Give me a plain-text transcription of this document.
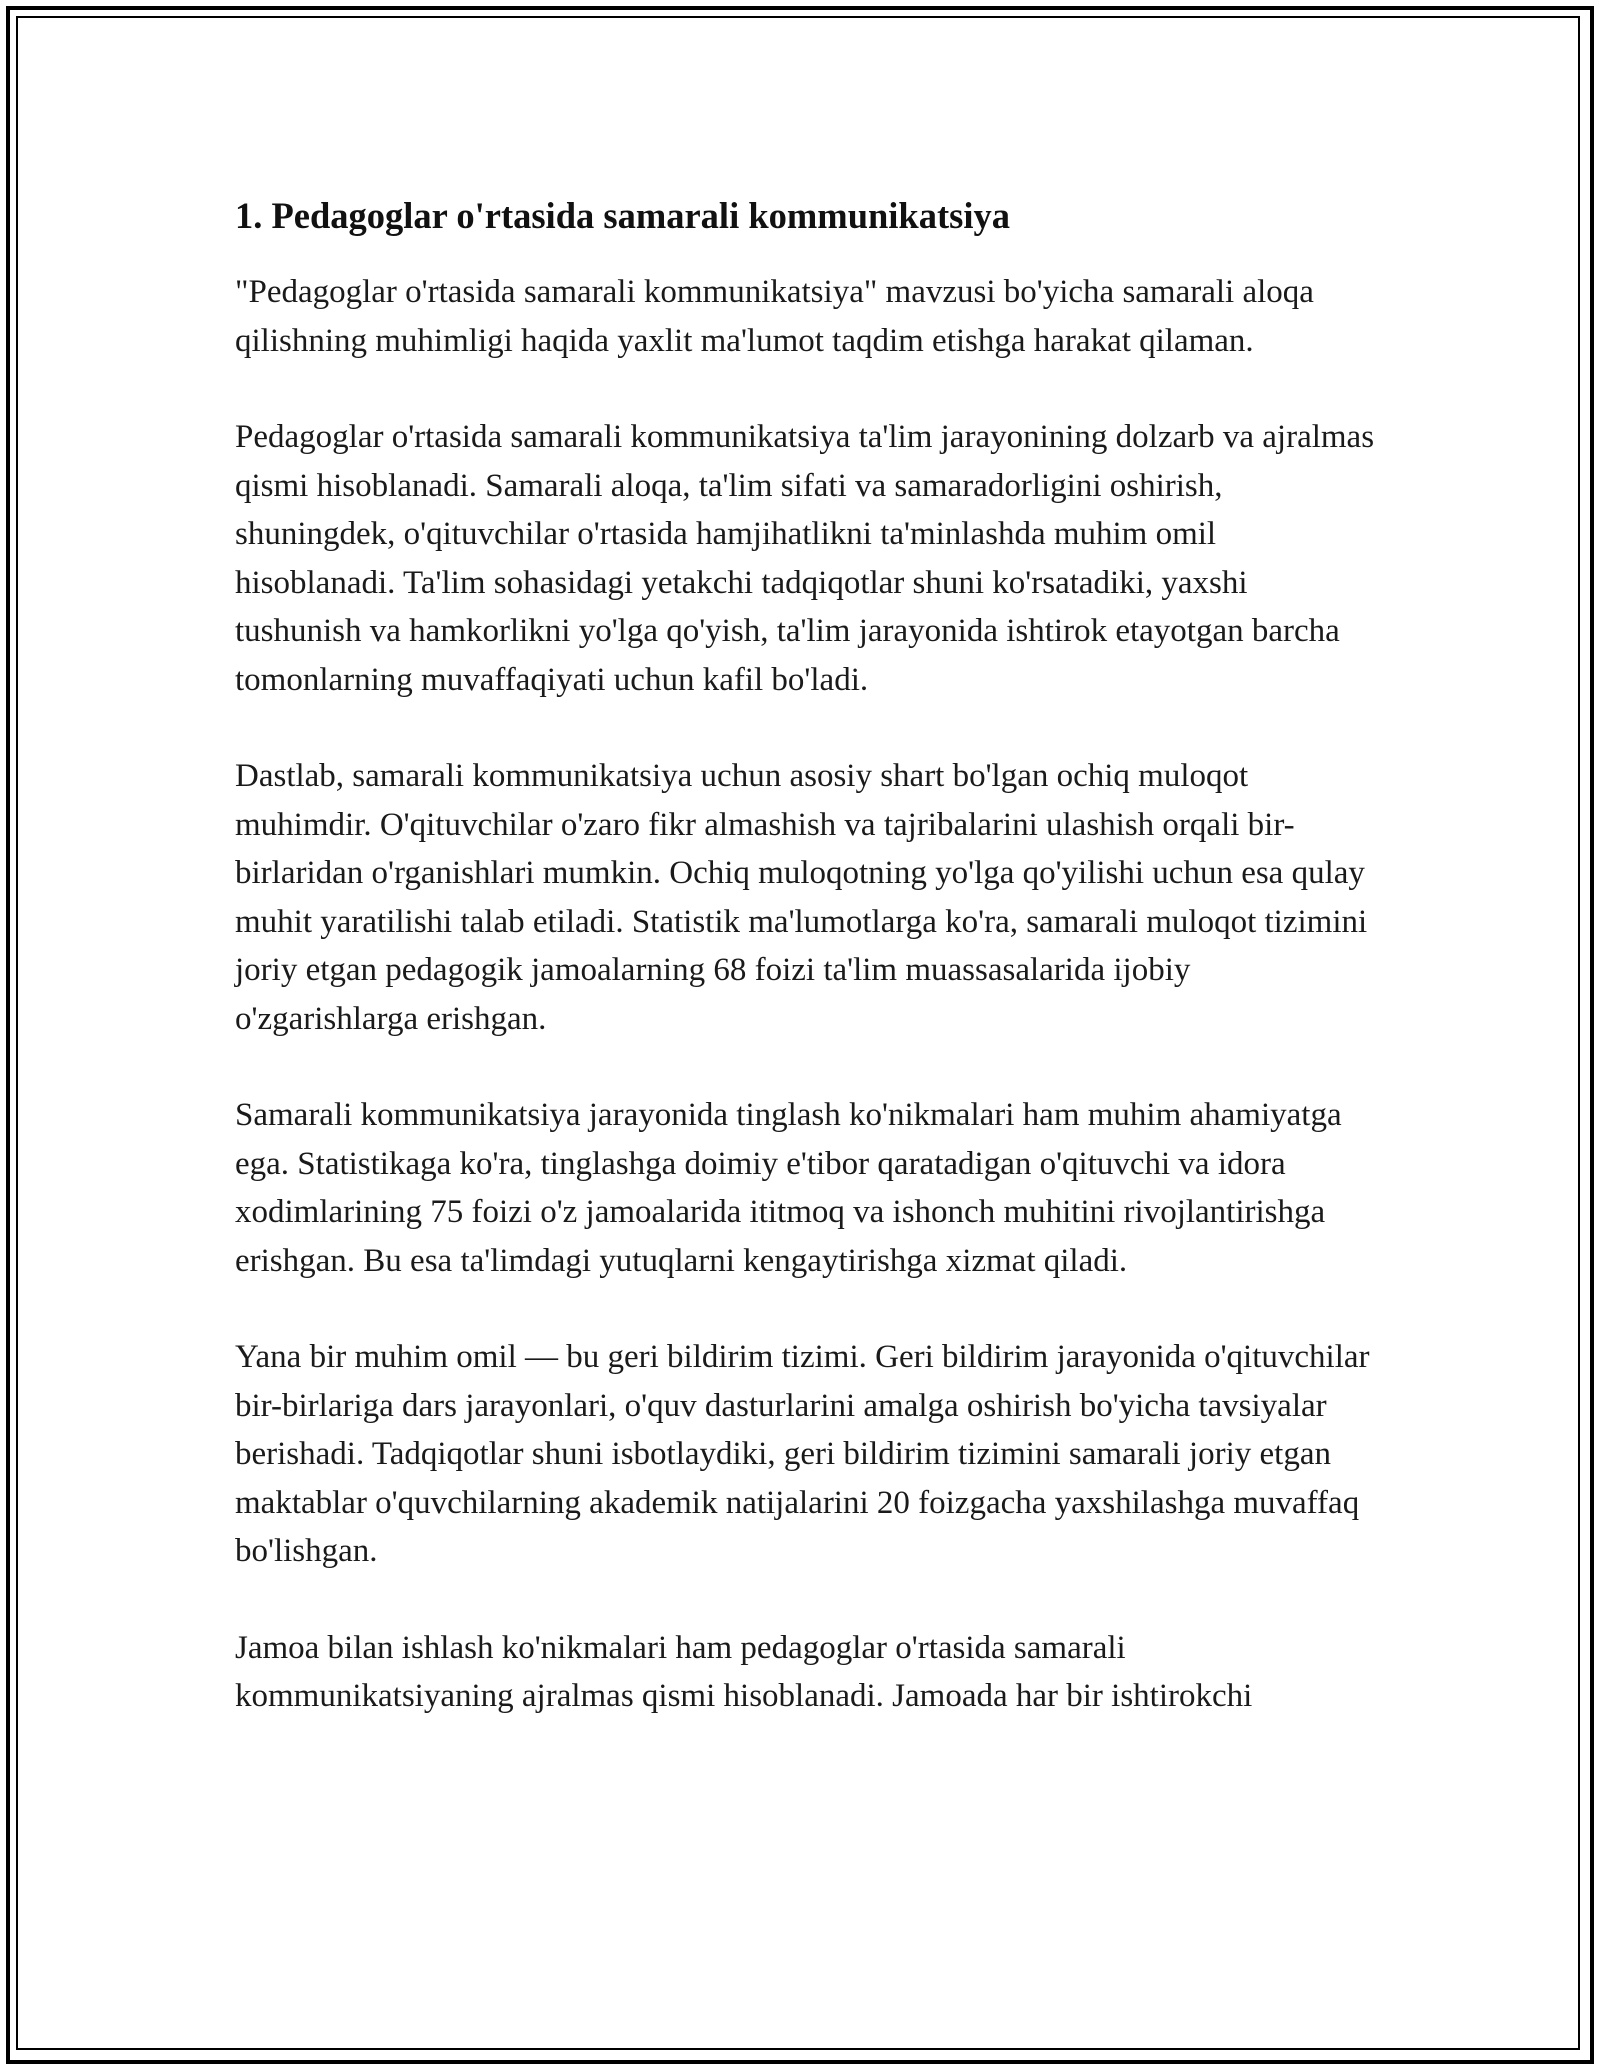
1. Pedagoglar o'rtasida samarali kommunikatsiya

"Pedagoglar o'rtasida samarali kommunikatsiya" mavzusi bo'yicha samarali aloqa qilishning muhimligi haqida yaxlit ma'lumot taqdim etishga harakat qilaman.

Pedagoglar o'rtasida samarali kommunikatsiya ta'lim jarayonining dolzarb va ajralmas qismi hisoblanadi. Samarali aloqa, ta'lim sifati va samaradorligini oshirish, shuningdek, o'qituvchilar o'rtasida hamjihatlikni ta'minlashda muhim omil hisoblanadi. Ta'lim sohasidagi yetakchi tadqiqotlar shuni ko'rsatadiki, yaxshi tushunish va hamkorlikni yo'lga qo'yish, ta'lim jarayonida ishtirok etayotgan barcha tomonlarning muvaffaqiyati uchun kafil bo'ladi.

Dastlab, samarali kommunikatsiya uchun asosiy shart bo'lgan ochiq muloqot muhimdir. O'qituvchilar o'zaro fikr almashish va tajribalarini ulashish orqali bir-birlaridan o'rganishlari mumkin. Ochiq muloqotning yo'lga qo'yilishi uchun esa qulay muhit yaratilishi talab etiladi. Statistik ma'lumotlarga ko'ra, samarali muloqot tizimini joriy etgan pedagogik jamoalarning 68 foizi ta'lim muassasalarida ijobiy o'zgarishlarga erishgan.

Samarali kommunikatsiya jarayonida tinglash ko'nikmalari ham muhim ahamiyatga ega. Statistikaga ko'ra, tinglashga doimiy e'tibor qaratadigan o'qituvchi va idora xodimlarining 75 foizi o'z jamoalarida ititmoq va ishonch muhitini rivojlantirishga erishgan. Bu esa ta'limdagi yutuqlarni kengaytirishga xizmat qiladi.

Yana bir muhim omil — bu geri bildirim tizimi. Geri bildirim jarayonida o'qituvchilar bir-birlariga dars jarayonlari, o'quv dasturlarini amalga oshirish bo'yicha tavsiyalar berishadi. Tadqiqotlar shuni isbotlaydiki, geri bildirim tizimini samarali joriy etgan maktablar o'quvchilarning akademik natijalarini 20 foizgacha yaxshilashga muvaffaq bo'lishgan.

Jamoa bilan ishlash ko'nikmalari ham pedagoglar o'rtasida samarali kommunikatsiyaning ajralmas qismi hisoblanadi. Jamoada har bir ishtirokchi
